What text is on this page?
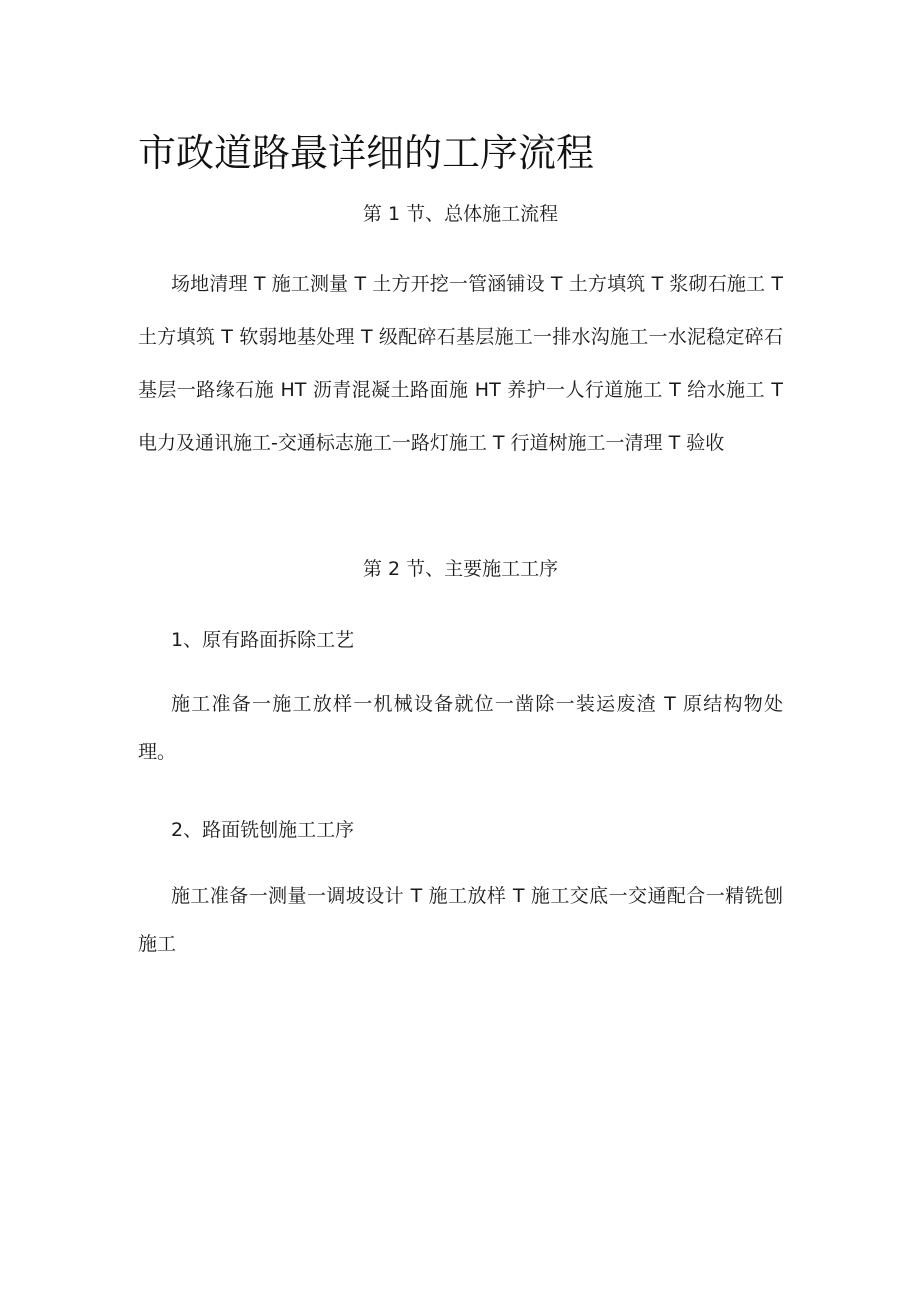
市政道路最详细的工序流程
第 1 节、总体施工流程
场地清理 T 施工测量 T 土方开挖一管涵铺设 T 土方填筑 T 浆砌石施工 T 土方填筑 T 软弱地基处理 T 级配碎石基层施工一排水沟施工一水泥稳定碎石基层一路缘石施 HT 沥青混凝土路面施 HT 养护一人行道施工 T 给水施工 T 电力及通讯施工-交通标志施工一路灯施工 T 行道树施工一清理 T 验收
第 2 节、主要施工工序
1、原有路面拆除工艺
施工准备一施工放样一机械设备就位一凿除一装运废渣 T 原结构物处理。
2、路面铣刨施工工序
施工准备一测量一调坡设计 T 施工放样 T 施工交底一交通配合一精铣刨施工
